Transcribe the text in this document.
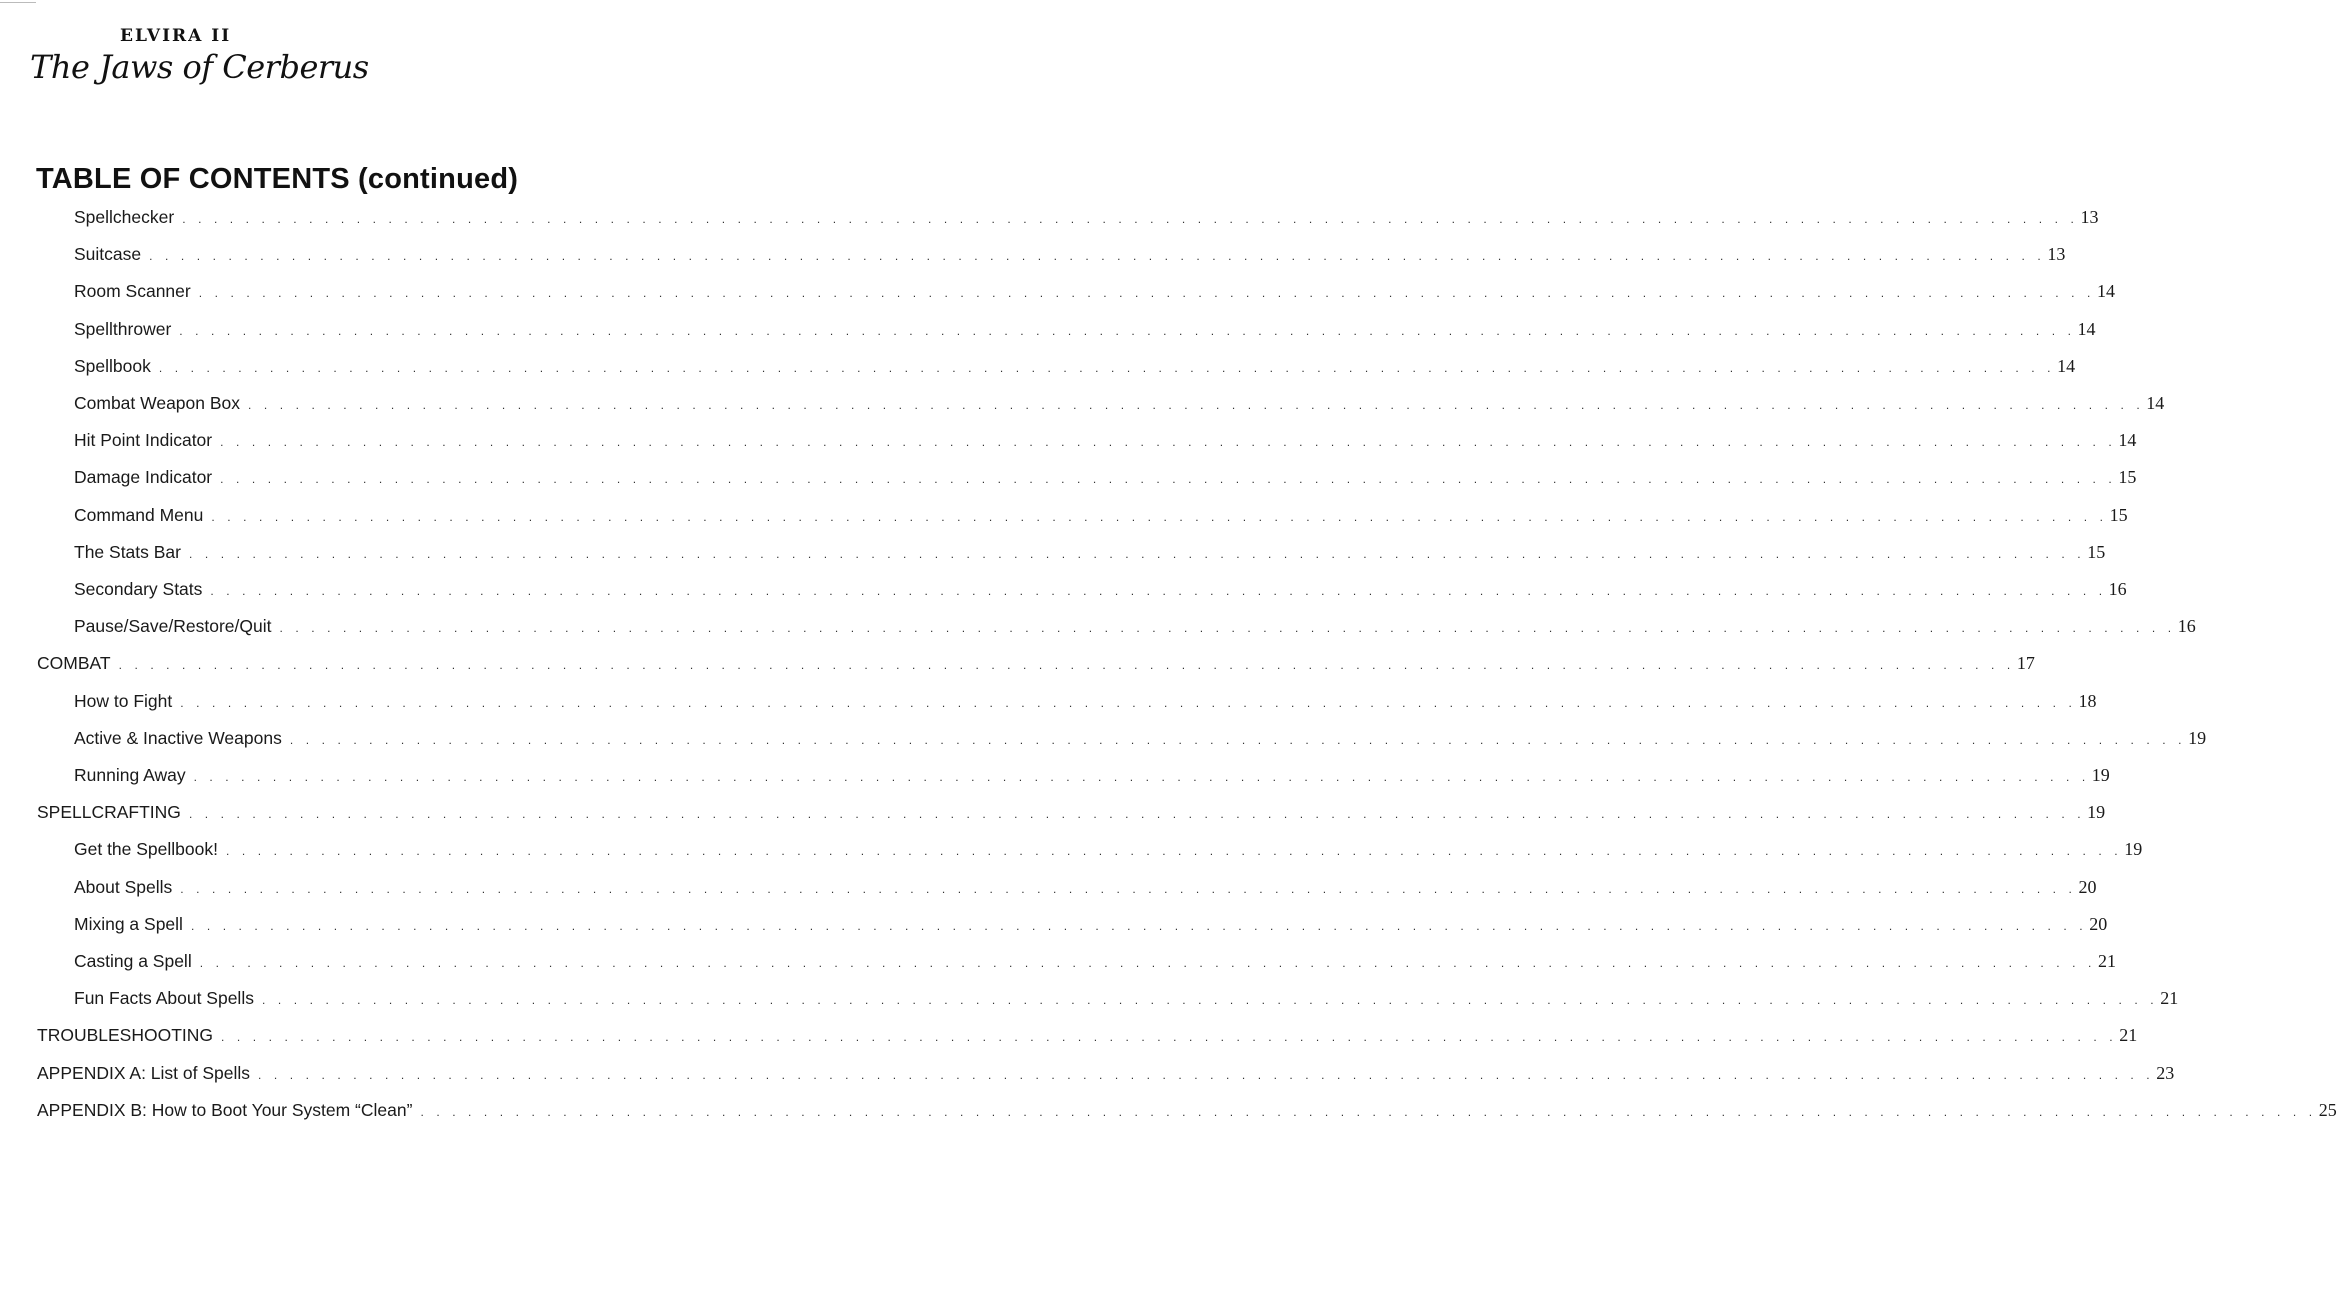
ELVIRA II
The Jaws of Cerberus
TABLE OF CONTENTS (continued)
Spellchecker . . . . . . . . . . . . . . . . . . . . . . . . . . . . . . . . . . . . . . . . . . . . . . . . . . . . . . . . . . . . . . . . . . . . . . . . . . . . . . . . . . . . . . . . . . . . . . . . . . . . . . . . . . . . . . . . . . . . . . . . 13
Suitcase . . . . . . . . . . . . . . . . . . . . . . . . . . . . . . . . . . . . . . . . . . . . . . . . . . . . . . . . . . . . . . . . . . . . . . . . . . . . . . . . . . . . . . . . . . . . . . . . . . . . . . . . . . . . . . . . . . . . . . . . 13
Room Scanner . . . . . . . . . . . . . . . . . . . . . . . . . . . . . . . . . . . . . . . . . . . . . . . . . . . . . . . . . . . . . . . . . . . . . . . . . . . . . . . . . . . . . . . . . . . . . . . . . . . . . . . . . . . . . . . . . . . . . . . . 14
Spellthrower . . . . . . . . . . . . . . . . . . . . . . . . . . . . . . . . . . . . . . . . . . . . . . . . . . . . . . . . . . . . . . . . . . . . . . . . . . . . . . . . . . . . . . . . . . . . . . . . . . . . . . . . . . . . . . . . . . . . . . . . 14
Spellbook . . . . . . . . . . . . . . . . . . . . . . . . . . . . . . . . . . . . . . . . . . . . . . . . . . . . . . . . . . . . . . . . . . . . . . . . . . . . . . . . . . . . . . . . . . . . . . . . . . . . . . . . . . . . . . . . . . . . . . . . 14
Combat Weapon Box . . . . . . . . . . . . . . . . . . . . . . . . . . . . . . . . . . . . . . . . . . . . . . . . . . . . . . . . . . . . . . . . . . . . . . . . . . . . . . . . . . . . . . . . . . . . . . . . . . . . . . . . . . . . . . . . . . . . . . . . 14
Hit Point Indicator . . . . . . . . . . . . . . . . . . . . . . . . . . . . . . . . . . . . . . . . . . . . . . . . . . . . . . . . . . . . . . . . . . . . . . . . . . . . . . . . . . . . . . . . . . . . . . . . . . . . . . . . . . . . . . . . . . . . . . . . 14
Damage Indicator . . . . . . . . . . . . . . . . . . . . . . . . . . . . . . . . . . . . . . . . . . . . . . . . . . . . . . . . . . . . . . . . . . . . . . . . . . . . . . . . . . . . . . . . . . . . . . . . . . . . . . . . . . . . . . . . . . . . . . . . 15
Command Menu . . . . . . . . . . . . . . . . . . . . . . . . . . . . . . . . . . . . . . . . . . . . . . . . . . . . . . . . . . . . . . . . . . . . . . . . . . . . . . . . . . . . . . . . . . . . . . . . . . . . . . . . . . . . . . . . . . . . . . . . 15
The Stats Bar . . . . . . . . . . . . . . . . . . . . . . . . . . . . . . . . . . . . . . . . . . . . . . . . . . . . . . . . . . . . . . . . . . . . . . . . . . . . . . . . . . . . . . . . . . . . . . . . . . . . . . . . . . . . . . . . . . . . . . . . 15
Secondary Stats . . . . . . . . . . . . . . . . . . . . . . . . . . . . . . . . . . . . . . . . . . . . . . . . . . . . . . . . . . . . . . . . . . . . . . . . . . . . . . . . . . . . . . . . . . . . . . . . . . . . . . . . . . . . . . . . . . . . . . . . 16
Pause/Save/Restore/Quit . . . . . . . . . . . . . . . . . . . . . . . . . . . . . . . . . . . . . . . . . . . . . . . . . . . . . . . . . . . . . . . . . . . . . . . . . . . . . . . . . . . . . . . . . . . . . . . . . . . . . . . . . . . . . . . . . . . . . . . . 16
COMBAT . . . . . . . . . . . . . . . . . . . . . . . . . . . . . . . . . . . . . . . . . . . . . . . . . . . . . . . . . . . . . . . . . . . . . . . . . . . . . . . . . . . . . . . . . . . . . . . . . . . . . . . . . . . . . . . . . . . . . . . . 17
How to Fight . . . . . . . . . . . . . . . . . . . . . . . . . . . . . . . . . . . . . . . . . . . . . . . . . . . . . . . . . . . . . . . . . . . . . . . . . . . . . . . . . . . . . . . . . . . . . . . . . . . . . . . . . . . . . . . . . . . . . . . . 18
Active & Inactive Weapons . . . . . . . . . . . . . . . . . . . . . . . . . . . . . . . . . . . . . . . . . . . . . . . . . . . . . . . . . . . . . . . . . . . . . . . . . . . . . . . . . . . . . . . . . . . . . . . . . . . . . . . . . . . . . . . . . . . . . . . . 19
Running Away . . . . . . . . . . . . . . . . . . . . . . . . . . . . . . . . . . . . . . . . . . . . . . . . . . . . . . . . . . . . . . . . . . . . . . . . . . . . . . . . . . . . . . . . . . . . . . . . . . . . . . . . . . . . . . . . . . . . . . . . 19
SPELLCRAFTING . . . . . . . . . . . . . . . . . . . . . . . . . . . . . . . . . . . . . . . . . . . . . . . . . . . . . . . . . . . . . . . . . . . . . . . . . . . . . . . . . . . . . . . . . . . . . . . . . . . . . . . . . . . . . . . . . . . . . . . . 19
Get the Spellbook! . . . . . . . . . . . . . . . . . . . . . . . . . . . . . . . . . . . . . . . . . . . . . . . . . . . . . . . . . . . . . . . . . . . . . . . . . . . . . . . . . . . . . . . . . . . . . . . . . . . . . . . . . . . . . . . . . . . . . . . . 19
About Spells . . . . . . . . . . . . . . . . . . . . . . . . . . . . . . . . . . . . . . . . . . . . . . . . . . . . . . . . . . . . . . . . . . . . . . . . . . . . . . . . . . . . . . . . . . . . . . . . . . . . . . . . . . . . . . . . . . . . . . . . 20
Mixing a Spell . . . . . . . . . . . . . . . . . . . . . . . . . . . . . . . . . . . . . . . . . . . . . . . . . . . . . . . . . . . . . . . . . . . . . . . . . . . . . . . . . . . . . . . . . . . . . . . . . . . . . . . . . . . . . . . . . . . . . . . . 20
Casting a Spell . . . . . . . . . . . . . . . . . . . . . . . . . . . . . . . . . . . . . . . . . . . . . . . . . . . . . . . . . . . . . . . . . . . . . . . . . . . . . . . . . . . . . . . . . . . . . . . . . . . . . . . . . . . . . . . . . . . . . . . . 21
Fun Facts About Spells . . . . . . . . . . . . . . . . . . . . . . . . . . . . . . . . . . . . . . . . . . . . . . . . . . . . . . . . . . . . . . . . . . . . . . . . . . . . . . . . . . . . . . . . . . . . . . . . . . . . . . . . . . . . . . . . . . . . . . . . 21
TROUBLESHOOTING . . . . . . . . . . . . . . . . . . . . . . . . . . . . . . . . . . . . . . . . . . . . . . . . . . . . . . . . . . . . . . . . . . . . . . . . . . . . . . . . . . . . . . . . . . . . . . . . . . . . . . . . . . . . . . . . . . . . . . . . 21
APPENDIX A: List of Spells . . . . . . . . . . . . . . . . . . . . . . . . . . . . . . . . . . . . . . . . . . . . . . . . . . . . . . . . . . . . . . . . . . . . . . . . . . . . . . . . . . . . . . . . . . . . . . . . . . . . . . . . . . . . . . . . . . . . . . . . 23
APPENDIX B: How to Boot Your System “Clean” . . . . . . . . . . . . . . . . . . . . . . . . . . . . . . . . . . . . . . . . . . . . . . . . . . . . . . . . . . . . . . . . . . . . . . . . . . . . . . . . . . . . . . . . . . . . . . . . . . . . . . . . . . . . . . . . . . . . . . . . 25
